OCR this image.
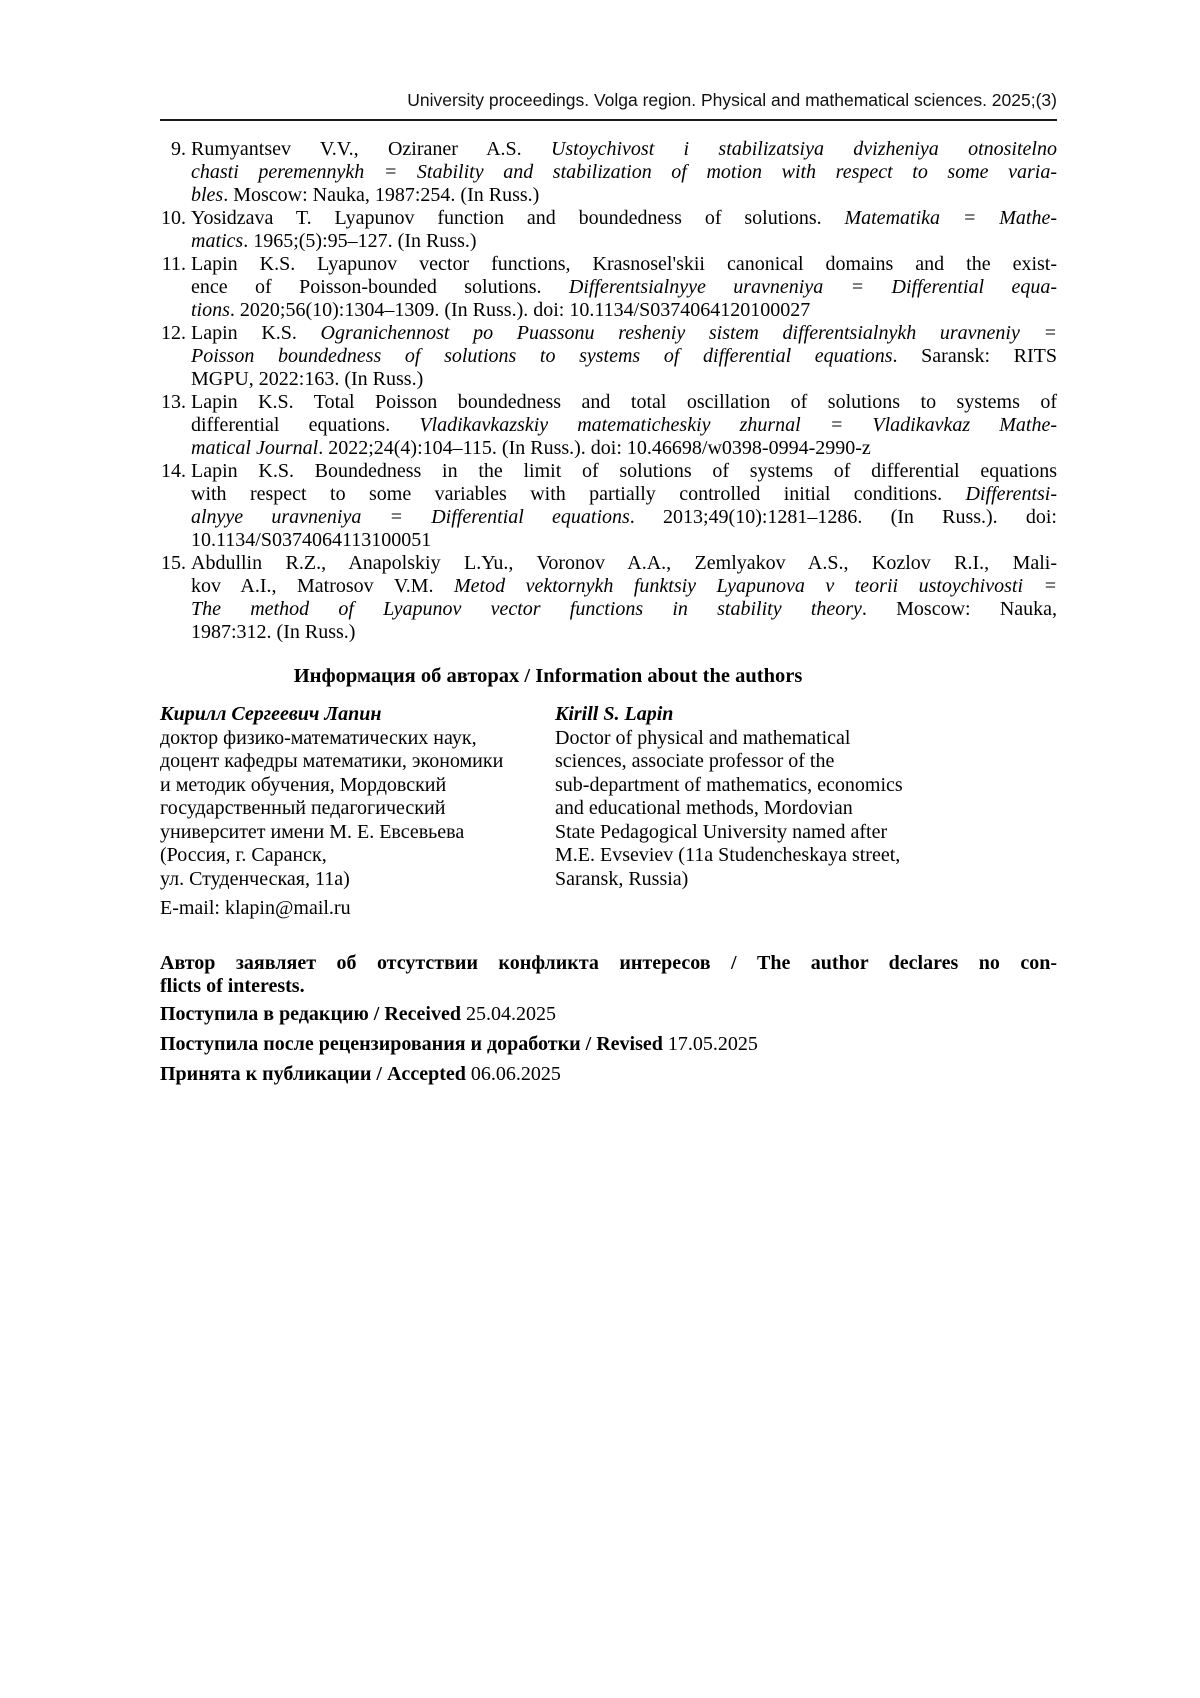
University proceedings. Volga region. Physical and mathematical sciences. 2025;(3)
9. Rumyantsev V.V., Oziraner A.S. Ustoychivost i stabilizatsiya dvizheniya otnositelno
chasti peremennykh = Stability and stabilization of motion with respect to some varia-
bles. Moscow: Nauka, 1987:254. (In Russ.)
10. Yosidzava T. Lyapunov function and boundedness of solutions. Matematika = Mathe-
matics. 1965;(5):95–127. (In Russ.)
11. Lapin K.S. Lyapunov vector functions, Krasnosel'skii canonical domains and the exist-
ence of Poisson-bounded solutions. Differentsialnyye uravneniya = Differential equa-
tions. 2020;56(10):1304–1309. (In Russ.). doi: 10.1134/S0374064120100027
12. Lapin K.S. Ogranichennost po Puassonu resheniy sistem differentsialnykh uravneniy =
Poisson boundedness of solutions to systems of differential equations. Saransk: RITS
MGPU, 2022:163. (In Russ.)
13. Lapin K.S. Total Poisson boundedness and total oscillation of solutions to systems of
differential equations. Vladikavkazskiy matematicheskiy zhurnal = Vladikavkaz Mathe-
matical Journal. 2022;24(4):104–115. (In Russ.). doi: 10.46698/w0398-0994-2990-z
14. Lapin K.S. Boundedness in the limit of solutions of systems of differential equations
with respect to some variables with partially controlled initial conditions. Differentsi-
alnyye uravneniya = Differential equations. 2013;49(10):1281–1286. (In Russ.). doi:
10.1134/S0374064113100051
15. Abdullin R.Z., Anapolskiy L.Yu., Voronov A.A., Zemlyakov A.S., Kozlov R.I., Mali-
kov A.I., Matrosov V.M. Metod vektornykh funktsiy Lyapunova v teorii ustoychivosti =
The method of Lyapunov vector functions in stability theory. Moscow: Nauka,
1987:312. (In Russ.)
Информация об авторах / Information about the authors
Кирилл Сергеевич Лапин
доктор физико-математических наук,
доцент кафедры математики, экономики
и методик обучения, Мордовский
государственный педагогический
университет имени М. Е. Евсевьева
(Россия, г. Саранск,
ул. Студенческая, 11а)
Kirill S. Lapin
Doctor of physical and mathematical
sciences, associate professor of the
sub-department of mathematics, economics
and educational methods, Mordovian
State Pedagogical University named after
M.E. Evseviev (11a Studencheskaya street,
Saransk, Russia)
E-mail: klapin@mail.ru
Автор заявляет об отсутствии конфликта интересов / The author declares no con-
flicts of interests.
Поступила в редакцию / Received 25.04.2025
Поступила после рецензирования и доработки / Revised 17.05.2025
Принята к публикации / Accepted 06.06.2025
